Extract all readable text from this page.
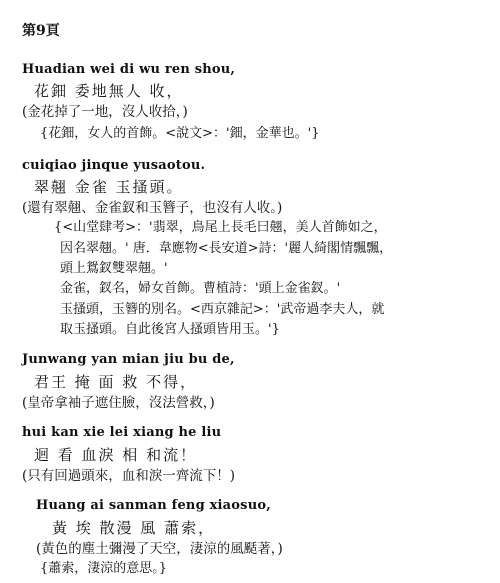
第9頁
Huadian wei di wu ren shou,
花鈿 委地無人 收，
(金花掉了一地，沒人收拾，)
{花鈿，女人的首飾。<說文>：'鈿，金華也。'}
cuiqiao jinque yusaotou.
翠翹 金雀 玉搔頭。
(還有翠翹、金雀釵和玉簪子，也沒有人收。)
{<山堂肆考>：'翡翠，鳥尾上長毛曰翹，美人首飾如之，
因名翠翹。' 唐．韋應物<長安道>詩：'麗人綺閣情飄飄，
頭上鴛釵雙翠翹。'
金雀，釵名，婦女首飾。曹植詩：'頭上金雀釵。'
玉搔頭，玉簪的別名。<西京雜記>：'武帝過李夫人，就
取玉搔頭。自此後宮人搔頭皆用玉。'}
Junwang yan mian jiu bu de,
君王 掩 面 救 不得，
(皇帝拿袖子遮住臉，沒法營救，)
hui kan xie lei xiang he liu
迴 看 血淚 相 和流！
(只有回過頭來，血和淚一齊流下！)
Huang ai sanman feng xiaosuo,
黃 埃 散漫 風 蕭索，
(黃色的塵土彌漫了天空，淒涼的風颳著，)
{蕭索，淒涼的意思。}
